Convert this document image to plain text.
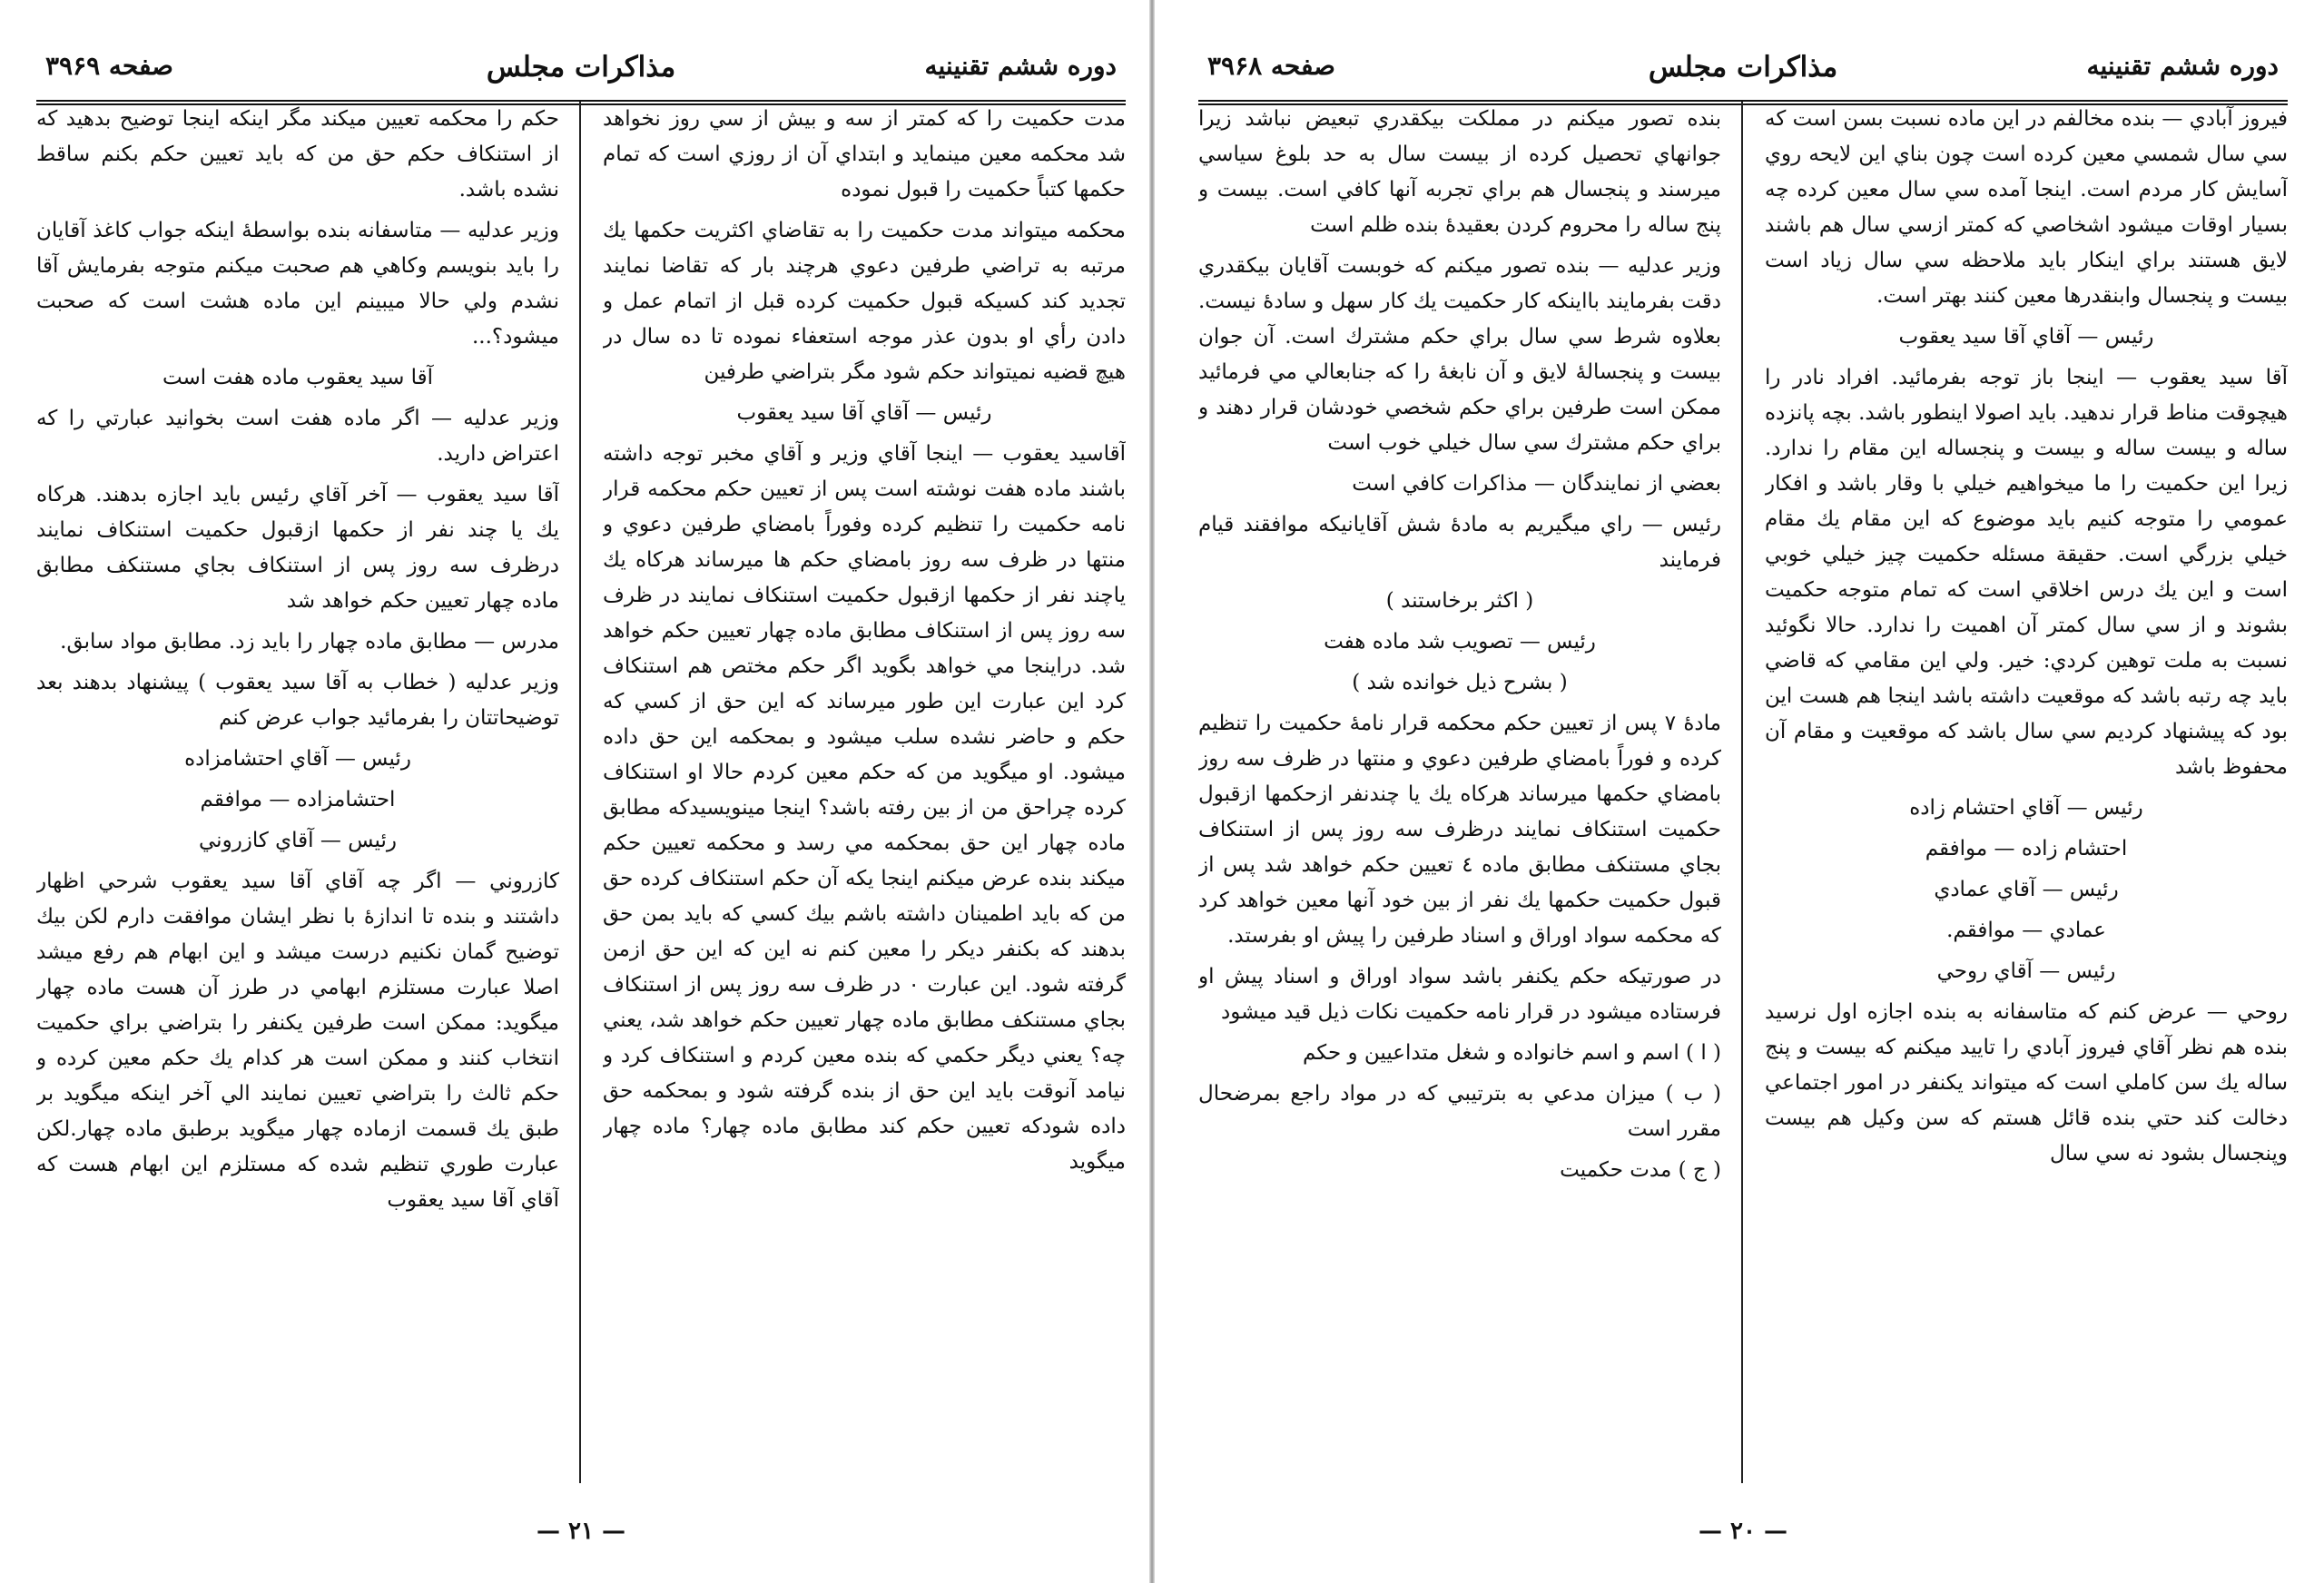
دوره ششم تقنينيه
مذاكرات مجلس
صفحه ۳۹۶۹

مدت حكميت را كه كمتر از سه و بيش از سي روز نخواهد شد محكمه معين مينمايد و ابتداي آن از روزي است كه تمام حكمها كتباً حكميت را قبول نموده

محكمه ميتواند مدت حكميت را به تقاضاي اكثريت حكمها يك مرتبه به تراضي طرفين دعوي هرچند بار كه تقاضا نمايند تجديد كند كسيكه قبول حكميت كرده قبل از اتمام عمل و دادن رأي او بدون عذر موجه استعفاء نموده تا ده سال در هيچ قضيه نميتواند حكم شود مگر بتراضي طرفين

رئيس — آقاي آقا سيد يعقوب

آقاسيد يعقوب — اينجا آقاي وزير و آقاي مخبر توجه داشته باشند ماده هفت نوشته است پس از تعيين حكم محكمه قرار نامه حكميت را تنظيم كرده وفوراً بامضاي طرفين دعوي و منتها در ظرف سه روز بامضاي حكم ها ميرساند هركاه يك ياچند نفر از حكمها ازقبول حكميت استنكاف نمايند در ظرف سه روز پس از استنكاف مطابق ماده چهار تعيين حكم خواهد شد. دراينجا مي خواهد بگويد اگر حكم مختص هم استنكاف كرد اين عبارت اين طور ميرساند كه اين حق از كسي كه حكم و حاضر نشده سلب ميشود و بمحكمه اين حق داده ميشود. او ميگويد من كه حكم معين كردم حالا او استنكاف كرده چراحق من از بين رفته باشد؟ اينجا مينويسيدكه مطابق ماده چهار اين حق بمحكمه مي رسد و محكمه تعيين حكم ميكند بنده عرض ميكنم اينجا يكه آن حكم استنكاف كرده حق من كه بايد اطمينان داشته باشم بيك كسي كه بايد بمن حق بدهند كه بكنفر ديكر را معين كنم نه اين كه اين حق ازمن گرفته شود. اين عبارت ۰ در ظرف سه روز پس از استنكاف بجاي مستنكف مطابق ماده چهار تعيين حكم خواهد شد، يعني چه؟ يعني ديگر حكمي كه بنده معين كردم و استنكاف كرد و نيامد آنوقت بايد اين حق از بنده گرفته شود و بمحكمه حق داده شودكه تعيين حكم كند مطابق ماده چهار؟ ماده چهار ميگويد

حكم را محكمه تعيين ميكند مگر اينكه اينجا توضيح بدهيد كه از استنكاف حكم حق من كه بايد تعيين حكم بكنم ساقط نشده باشد.

وزير عدليه — متاسفانه بنده بواسطهٔ اينكه جواب كاغذ آقايان را بايد بنويسم وكاهي هم صحبت ميكنم متوجه بفرمايش آقا نشدم ولي حالا ميبينم اين ماده هشت است كه صحبت ميشود؟...

آقا سيد يعقوب ماده هفت است

وزير عدليه — اگر ماده هفت است بخوانيد عبارتي را كه اعتراض داريد.

آقا سيد يعقوب — آخر آقاي رئيس بايد اجازه بدهند. هركاه يك يا چند نفر از حكمها ازقبول حكميت استنكاف نمايند درظرف سه روز پس از استنكاف بجاي مستنكف مطابق ماده چهار تعيين حكم خواهد شد

مدرس — مطابق ماده چهار را بايد زد. مطابق مواد سابق.

وزير عدليه ( خطاب به آقا سيد يعقوب ) پيشنهاد بدهند بعد توضيحاتتان را بفرمائيد جواب عرض كنم

رئيس — آقاي احتشامزاده

احتشامزاده — موافقم

رئيس — آقاي كازروني

كازروني — اگر چه آقاي آقا سيد يعقوب شرحي اظهار داشتند و بنده تا اندازهٔ با نظر ايشان موافقت دارم لكن بيك توضيح گمان نكنيم درست ميشد و اين ابهام هم رفع ميشد اصلا عبارت مستلزم ابهامي در طرز آن هست ماده چهار ميگويد: ممكن است طرفين يكنفر را بتراضي براي حكميت انتخاب كنند و ممكن است هر كدام يك حكم معين كرده و حكم ثالث را بتراضي تعيين نمايند الي آخر اينكه ميگويد بر طبق يك قسمت ازماده چهار ميگويد برطبق ماده چهار.لكن عبارت طوري تنظيم شده كه مستلزم اين ابهام هست كه آقاي آقا سيد يعقوب

— ۲۱ —
دوره ششم تقنينيه
مذاكرات مجلس
صفحه ۳۹۶۸

فيروز آبادي — بنده مخالفم در اين ماده نسبت بسن است كه سي سال شمسي معين كرده است چون بناي اين لايحه روي آسايش كار مردم است. اينجا آمده سي سال معين كرده چه بسيار اوقات ميشود اشخاصي كه كمتر ازسي سال هم باشند لايق هستند براي اينكار بايد ملاحظه سي سال زياد است بيست و پنجسال وابنقدرها معين كنند بهتر است.

رئيس — آقاي آقا سيد يعقوب

آقا سيد يعقوب — اينجا باز توجه بفرمائيد. افراد نادر را هيچوقت مناط قرار ندهيد. بايد اصولا اينطور باشد. بچه پانزده ساله و بيست ساله و بيست و پنجساله اين مقام را ندارد. زيرا اين حكميت را ما ميخواهيم خيلي با وقار باشد و افكار عمومي را متوجه كنيم بايد موضوع كه اين مقام يك مقام خيلي بزرگي است. حقيقة مسئله حكميت چيز خيلي خوبي است و اين يك درس اخلاقي است كه تمام متوجه حكميت بشوند و از سي سال كمتر آن اهميت را ندارد. حالا نگوئيد نسبت به ملت توهين كردي: خير. ولي اين مقامي كه قاضي بايد چه رتبه باشد كه موقعيت داشته باشد اينجا هم هست اين بود كه پيشنهاد كرديم سي سال باشد كه موقعيت و مقام آن محفوظ باشد

رئيس — آقاي احتشام زاده

احتشام زاده — موافقم

رئيس — آقاي عمادي

عمادي — موافقم.

رئيس — آقاي روحي

روحي — عرض كنم كه متاسفانه به بنده اجازه اول نرسيد بنده هم نظر آقاي فيروز آبادي را تاييد ميكنم كه بيست و پنج ساله يك سن كاملي است كه ميتواند يكنفر در امور اجتماعي دخالت كند حتي بنده قائل هستم كه سن وكيل هم بيست وپنجسال بشود نه سي سال

بنده تصور ميكنم در مملكت بيكقدري تبعيض نباشد زيرا جوانهاي تحصيل كرده از بيست سال به حد بلوغ سياسي ميرسند و پنجسال هم براي تجربه آنها كافي است. بيست و پنج ساله را محروم كردن بعقيدهٔ بنده ظلم است

وزير عدليه — بنده تصور ميكنم كه خوبست آقايان بيكقدري دقت بفرمايند بااينكه كار حكميت يك كار سهل و سادهٔ نيست. بعلاوه شرط سي سال براي حكم مشترك است. آن جوان بيست و پنجسالهٔ لايق و آن نابغهٔ را كه جنابعالي مي فرمائيد ممكن است طرفين براي حكم شخصي خودشان قرار دهند و براي حكم مشترك سي سال خيلي خوب است

بعضي از نمايندگان — مذاكرات كافي است

رئيس — راي ميگيريم به مادهٔ شش آقايانيكه موافقند قيام فرمايند

( اكثر برخاستند )

رئيس — تصويب شد ماده هفت

( بشرح ذيل خوانده شد )

مادهٔ ۷ پس از تعيين حكم محكمه قرار نامهٔ حكميت را تنظيم كرده و فوراً بامضاي طرفين دعوي و منتها در ظرف سه روز بامضاي حكمها ميرساند هركاه يك يا چندنفر ازحكمها ازقبول حكميت استنكاف نمايند درظرف سه روز پس از استنكاف بجاي مستنكف مطابق ماده ٤ تعيين حكم خواهد شد پس از قبول حكميت حكمها يك نفر از بين خود آنها معين خواهد كرد كه محكمه سواد اوراق و اسناد طرفين را پيش او بفرستد.

در صورتيكه حكم يكنفر باشد سواد اوراق و اسناد پيش او فرستاده ميشود در قرار نامه حكميت نكات ذيل قيد ميشود

( ا ) اسم و اسم خانواده و شغل متداعيين و حكم

( ب ) ميزان مدعي به بترتيبي كه در مواد راجع بمرضحال مقرر است

( ج ) مدت حكميت

— ۲۰ —
